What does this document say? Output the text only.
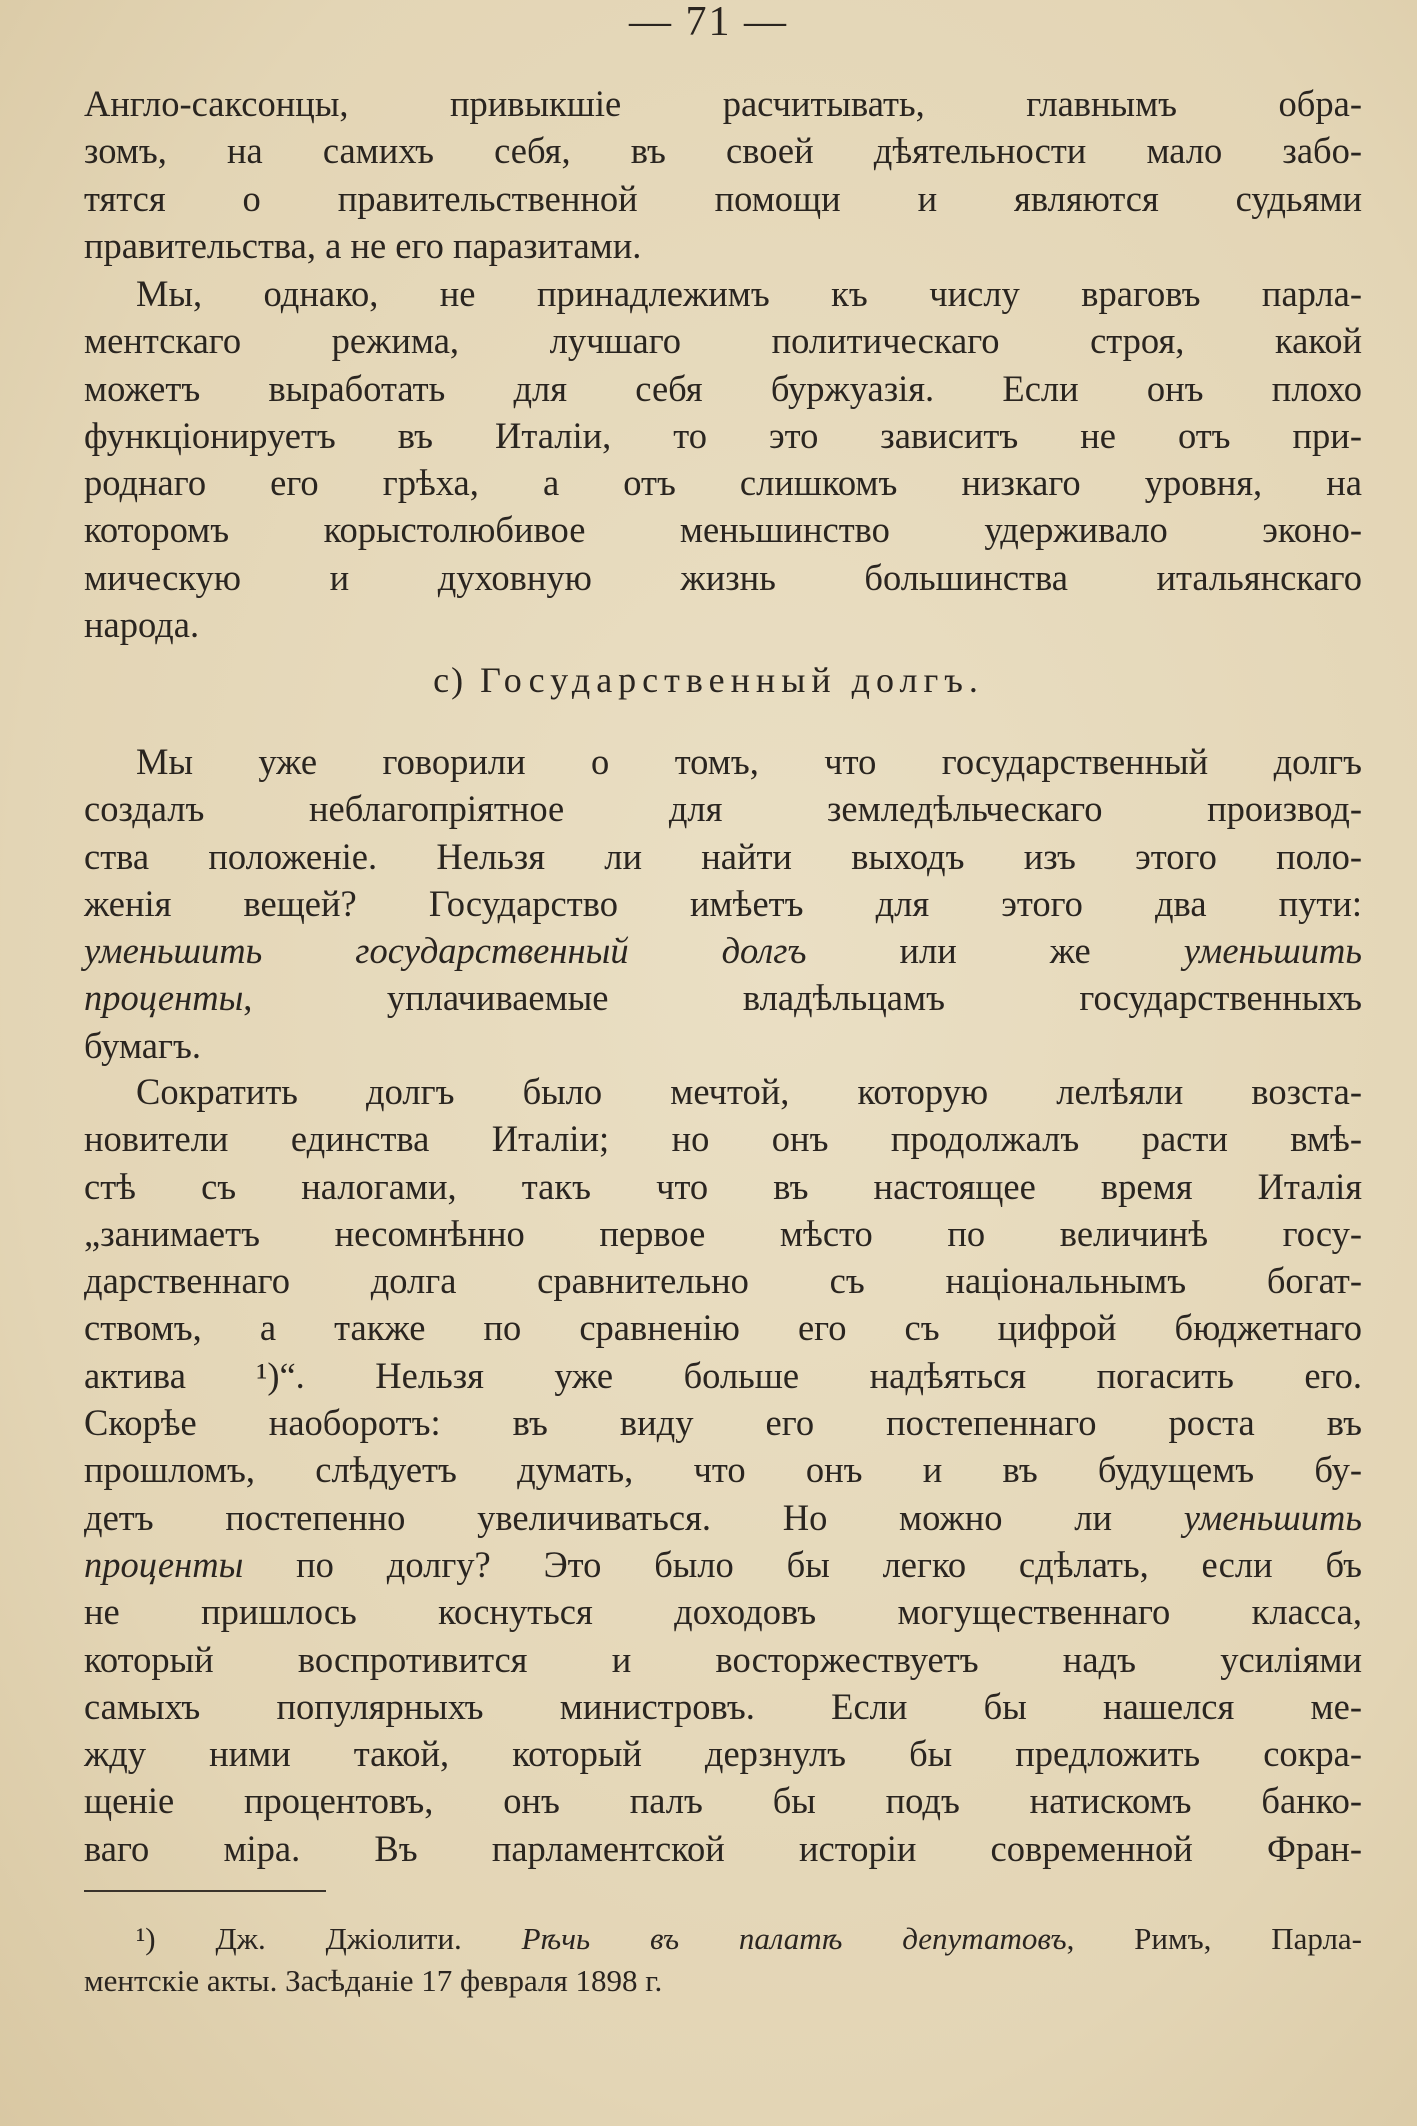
— 71 —
Англо-саксонцы, привыкшіе расчитывать, главнымъ обра-
зомъ, на самихъ себя, въ своей дѣятельности мало забо-
тятся о правительственной помощи и являются судьями
правительства, а не его паразитами.
Мы, однако, не принадлежимъ къ числу враговъ парла-
ментскаго режима, лучшаго политическаго строя, какой
можетъ выработать для себя буржуазія. Если онъ плохо
функціонируетъ въ Италіи, то это зависитъ не отъ при-
роднаго его грѣха, а отъ слишкомъ низкаго уровня, на
которомъ корыстолюбивое меньшинство удерживало эконо-
мическую и духовную жизнь большинства итальянскаго
народа.
c) Государственный долгъ.
Мы уже говорили о томъ, что государственный долгъ
создалъ неблагопріятное для земледѣльческаго производ-
ства положеніе. Нельзя ли найти выходъ изъ этого поло-
женія вещей? Государство имѣетъ для этого два пути:
уменьшить государственный долгъ или же уменьшить
проценты, уплачиваемые владѣльцамъ государственныхъ
бумагъ.
Сократить долгъ было мечтой, которую лелѣяли возста-
новители единства Италіи; но онъ продолжалъ расти вмѣ-
стѣ съ налогами, такъ что въ настоящее время Италія
„занимаетъ несомнѣнно первое мѣсто по величинѣ госу-
дарственнаго долга сравнительно съ національнымъ богат-
ствомъ, а также по сравненію его съ цифрой бюджетнаго
актива ¹)“. Нельзя уже больше надѣяться погасить его.
Скорѣе наоборотъ: въ виду его постепеннаго роста въ
прошломъ, слѣдуетъ думать, что онъ и въ будущемъ бу-
детъ постепенно увеличиваться. Но можно ли уменьшить
проценты по долгу? Это было бы легко сдѣлать, если бъ
не пришлось коснуться доходовъ могущественнаго класса,
который воспротивится и восторжествуетъ надъ усиліями
самыхъ популярныхъ министровъ. Если бы нашелся ме-
жду ними такой, который дерзнулъ бы предложить сокра-
щеніе процентовъ, онъ палъ бы подъ натискомъ банко-
ваго міра. Въ парламентской исторіи современной Фран-
¹) Дж. Джіолити. Рѣчь въ палатѣ депутатовъ, Римъ, Парла-
ментскіе акты. Засѣданіе 17 февраля 1898 г.
